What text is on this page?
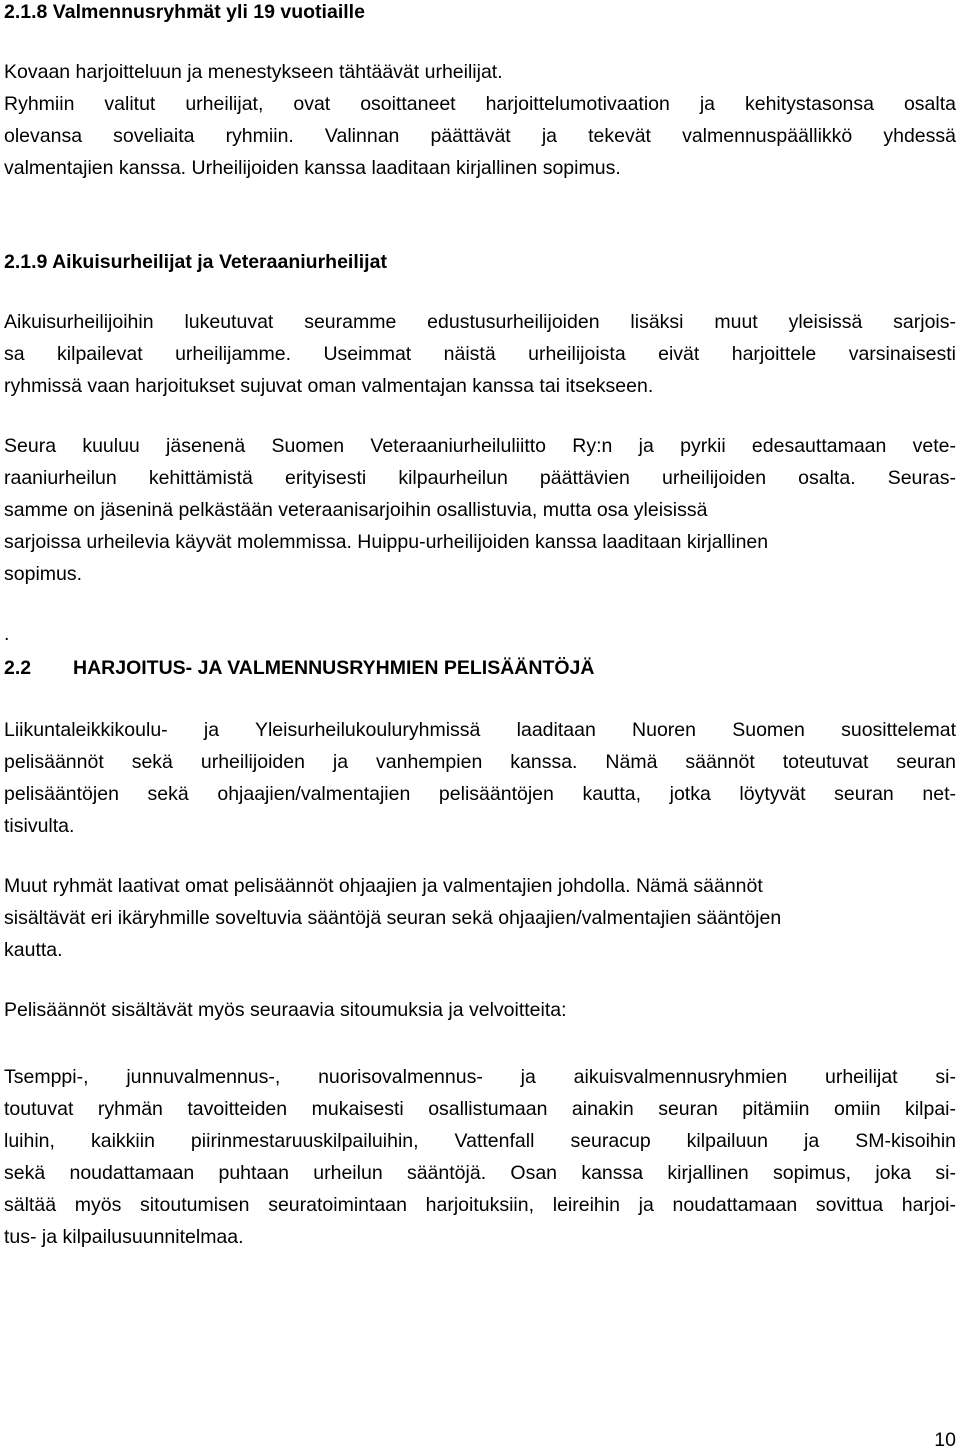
2.1.8 Valmennusryhmät yli 19 vuotiaille
Kovaan harjoitteluun ja menestykseen tähtäävät urheilijat.
Ryhmiin valitut urheilijat, ovat osoittaneet harjoittelumotivaation ja kehitystasonsa osalta
olevansa soveliaita ryhmiin. Valinnan päättävät ja tekevät valmennuspäällikkö yhdessä
valmentajien kanssa. Urheilijoiden kanssa laaditaan kirjallinen sopimus.
2.1.9 Aikuisurheilijat ja Veteraaniurheilijat
Aikuisurheilijoihin lukeutuvat seuramme edustusurheilijoiden lisäksi muut yleisissä sarjois-
sa kilpailevat urheilijamme. Useimmat näistä urheilijoista eivät harjoittele varsinaisesti
ryhmissä vaan harjoitukset sujuvat oman valmentajan kanssa tai itsekseen.
Seura kuuluu jäsenenä Suomen Veteraaniurheiluliitto Ry:n ja pyrkii edesauttamaan vete-
raaniurheilun kehittämistä erityisesti kilpaurheilun päättävien urheilijoiden osalta. Seuras-
samme on jäseninä pelkästään veteraanisarjoihin osallistuvia, mutta osa yleisissä
sarjoissa urheilevia käyvät molemmissa. Huippu-urheilijoiden kanssa laaditaan kirjallinen
sopimus.
.
2.2 HARJOITUS- JA VALMENNUSRYHMIEN PELISÄÄNTÖJÄ
Liikuntaleikkikoulu- ja Yleisurheilukouluryhmissä laaditaan Nuoren Suomen suosittelemat
pelisäännöt sekä urheilijoiden ja vanhempien kanssa. Nämä säännöt toteutuvat seuran
pelisääntöjen sekä ohjaajien/valmentajien pelisääntöjen kautta, jotka löytyvät seuran net-
tisivulta.
Muut ryhmät laativat omat pelisäännöt ohjaajien ja valmentajien johdolla. Nämä säännöt
sisältävät eri ikäryhmille soveltuvia sääntöjä seuran sekä ohjaajien/valmentajien sääntöjen
kautta.
Pelisäännöt sisältävät myös seuraavia sitoumuksia ja velvoitteita:
Tsemppi-, junnuvalmennus-, nuorisovalmennus- ja aikuisvalmennusryhmien urheilijat si-
toutuvat ryhmän tavoitteiden mukaisesti osallistumaan ainakin seuran pitämiin omiin kilpai-
luihin, kaikkiin piirinmestaruuskilpailuihin, Vattenfall seuracup kilpailuun ja SM-kisoihin
sekä noudattamaan puhtaan urheilun sääntöjä. Osan kanssa kirjallinen sopimus, joka si-
sältää myös sitoutumisen seuratoimintaan harjoituksiin, leireihin ja noudattamaan sovittua harjoi-
tus- ja kilpailusuunnitelmaa.
10
